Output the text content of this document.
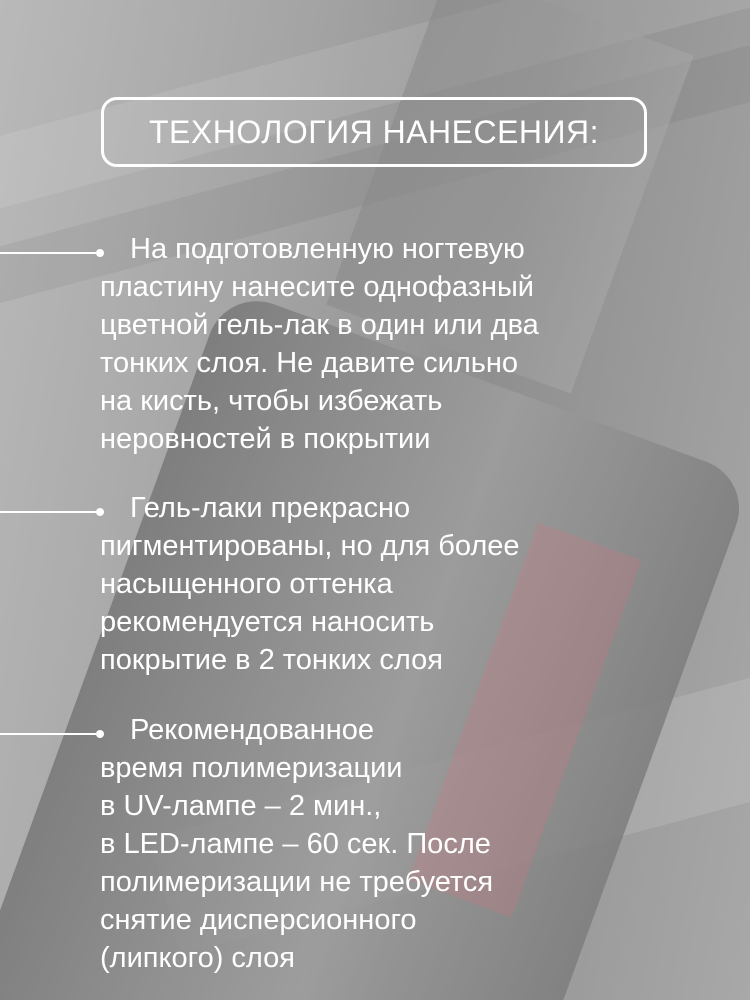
ТЕХНОЛОГИЯ НАНЕСЕНИЯ:

На подготовленную ногтевую
пластину нанесите однофазный
цветной гель-лак в один или два
тонких слоя. Не давите сильно
на кисть, чтобы избежать
неровностей в покрытии

Гель-лаки прекрасно
пигментированы, но для более
насыщенного оттенка
рекомендуется наносить
покрытие в 2 тонких слоя

Рекомендованное
время полимеризации
в UV-лампе – 2 мин.,
в LED-лампе – 60 сек. После
полимеризации не требуется
снятие дисперсионного
(липкого) слоя
